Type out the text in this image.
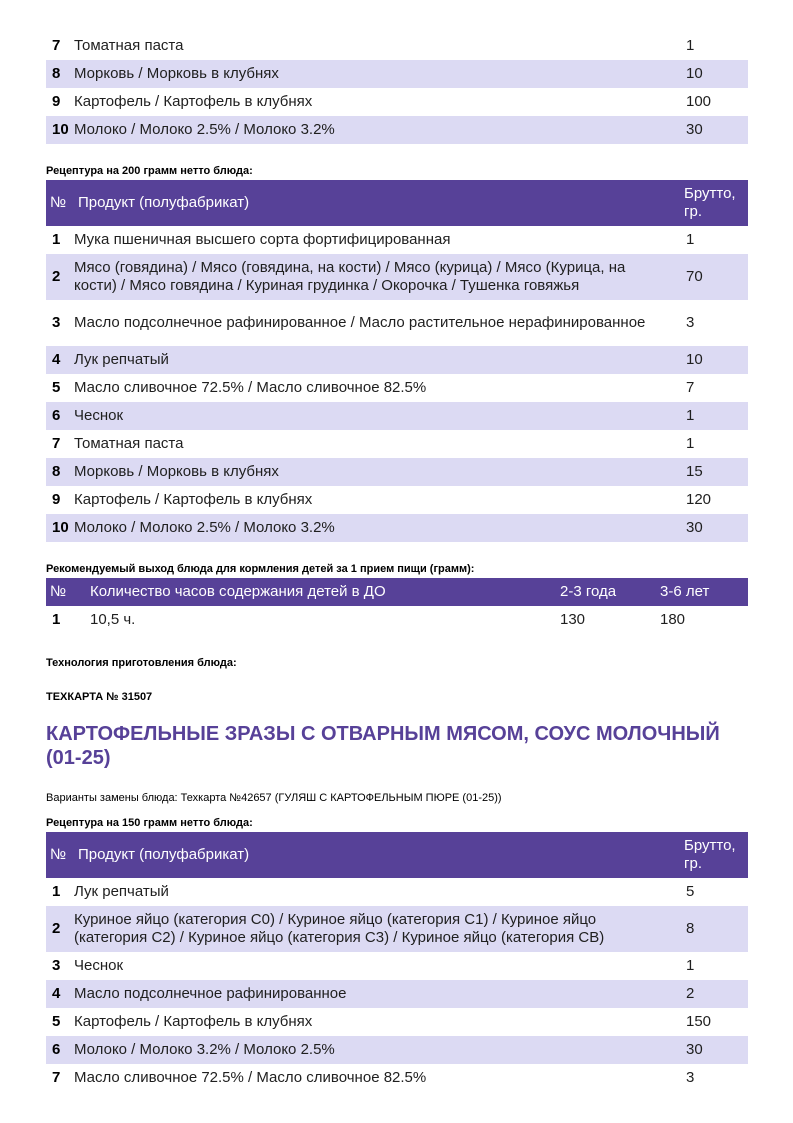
7	Томатная паста	1
8	Морковь / Морковь в клубнях	10
9	Картофель / Картофель в клубнях	100
10	Молоко / Молоко 2.5% / Молоко 3.2%	30

Рецептура на 200 грамм нетто блюда:

№	Продукт (полуфабрикат)	Брутто, гр.
1	Мука пшеничная высшего сорта фортифицированная	1
2	Мясо (говядина) / Мясо (говядина, на кости) / Мясо (курица) / Мясо (Курица, на кости) / Мясо говядина / Куриная грудинка / Окорочка / Тушенка говяжья	70
3	Масло подсолнечное рафинированное / Масло растительное нерафинированное	3
4	Лук репчатый	10
5	Масло сливочное 72.5% / Масло сливочное 82.5%	7
6	Чеснок	1
7	Томатная паста	1
8	Морковь / Морковь в клубнях	15
9	Картофель / Картофель в клубнях	120
10	Молоко / Молоко 2.5% / Молоко 3.2%	30

Рекомендуемый выход блюда для кормления детей за 1 прием пищи (грамм):

№	Количество часов содержания детей в ДО	2-3 года	3-6 лет
1	10,5 ч.	130	180

Технология приготовления блюда:

ТЕХКАРТА № 31507

КАРТОФЕЛЬНЫЕ ЗРАЗЫ С ОТВАРНЫМ МЯСОМ, СОУС МОЛОЧНЫЙ (01-25)

Варианты замены блюда: Техкарта №42657 (ГУЛЯШ С КАРТОФЕЛЬНЫМ ПЮРЕ (01-25))

Рецептура на 150 грамм нетто блюда:

№	Продукт (полуфабрикат)	Брутто, гр.
1	Лук репчатый	5
2	Куриное яйцо (категория С0) / Куриное яйцо (категория С1) / Куриное яйцо (категория С2) / Куриное яйцо (категория С3) / Куриное яйцо (категория СВ)	8
3	Чеснок	1
4	Масло подсолнечное рафинированное	2
5	Картофель / Картофель в клубнях	150
6	Молоко / Молоко 3.2% / Молоко 2.5%	30
7	Масло сливочное 72.5% / Масло сливочное 82.5%	3
